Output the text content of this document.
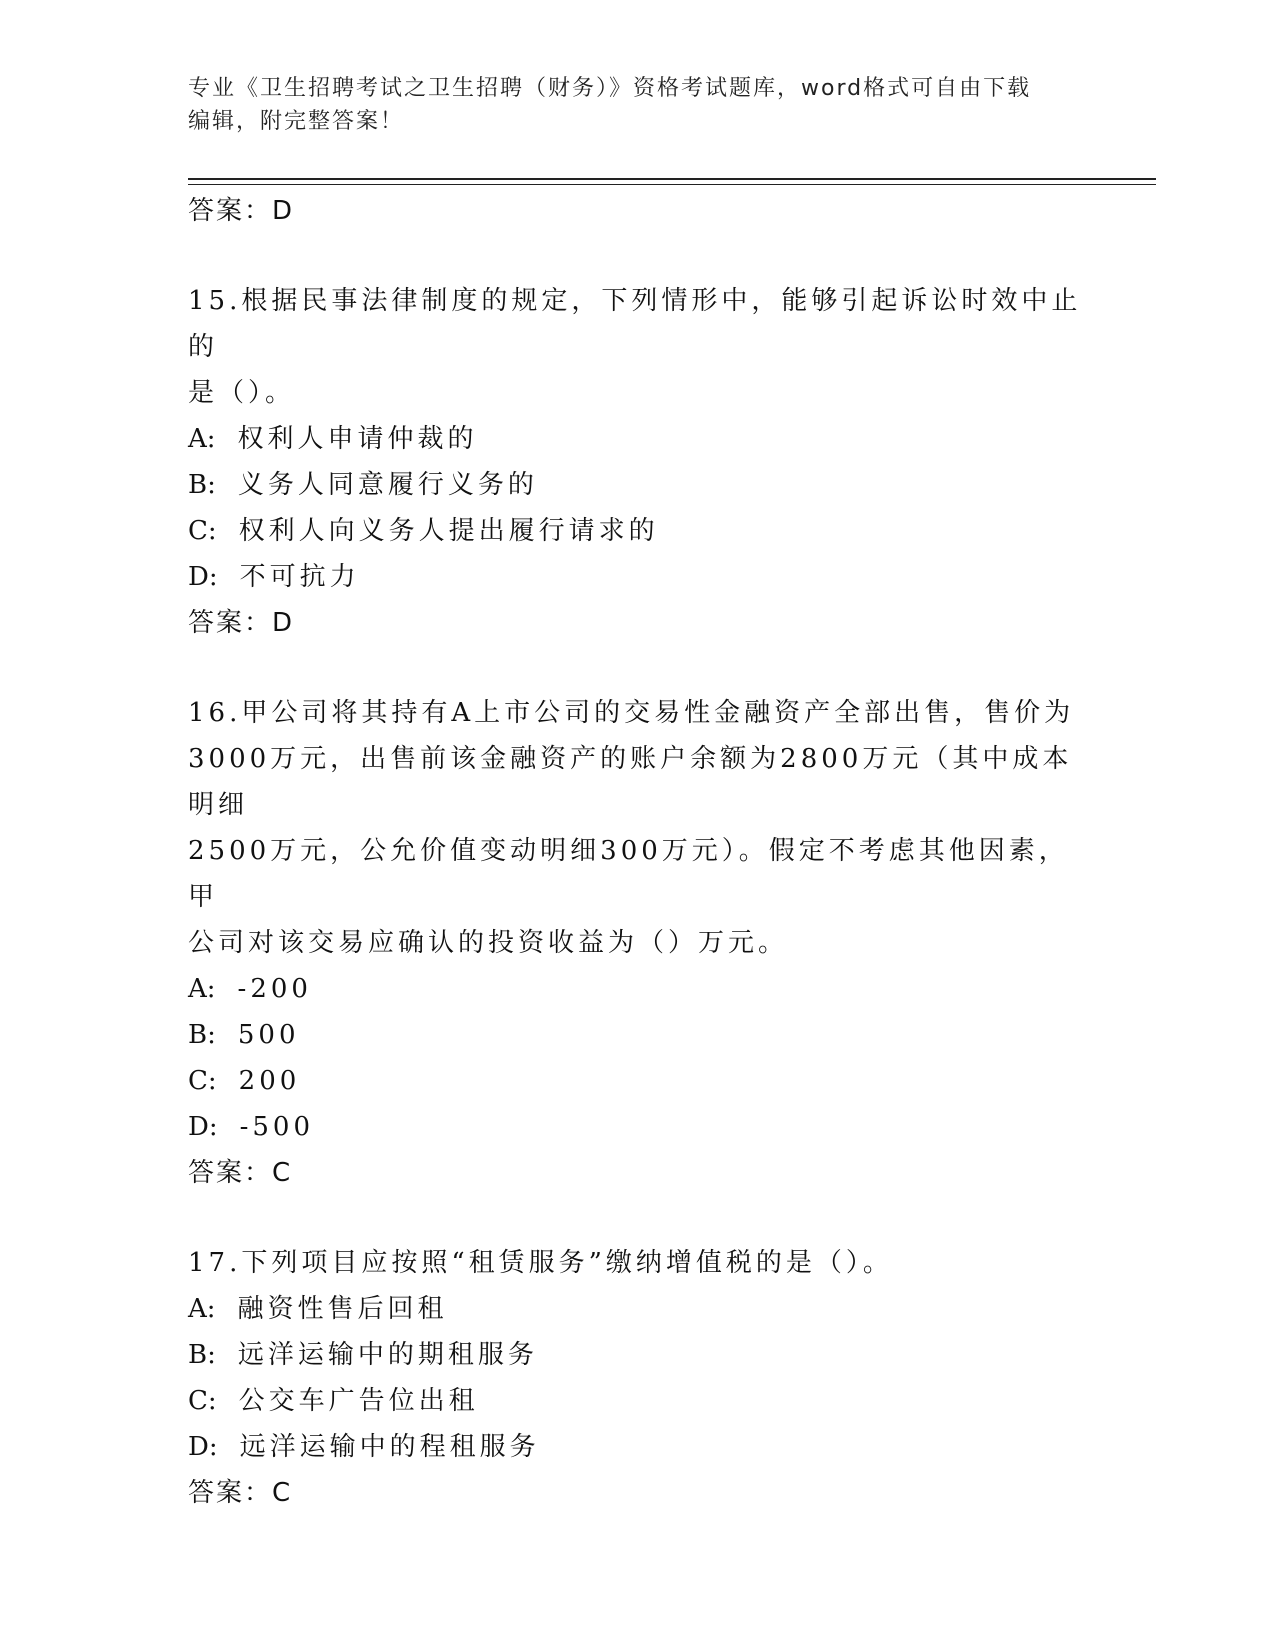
专业《卫生招聘考试之卫生招聘（财务）》资格考试题库，word格式可自由下载
编辑，附完整答案！

答案：D

15.根据民事法律制度的规定，下列情形中，能够引起诉讼时效中止的

是（）。

A: 权利人申请仲裁的

B: 义务人同意履行义务的

C: 权利人向义务人提出履行请求的

D: 不可抗力

答案：D

16.甲公司将其持有A上市公司的交易性金融资产全部出售，售价为

3000万元，出售前该金融资产的账户余额为2800万元（其中成本明细

2500万元，公允价值变动明细300万元）。假定不考虑其他因素，甲

公司对该交易应确认的投资收益为（）万元。

A: -200

B: 500

C: 200

D: -500

答案：C

17.下列项目应按照“租赁服务”缴纳增值税的是（）。

A: 融资性售后回租

B: 远洋运输中的期租服务

C: 公交车广告位出租

D: 远洋运输中的程租服务

答案：C
